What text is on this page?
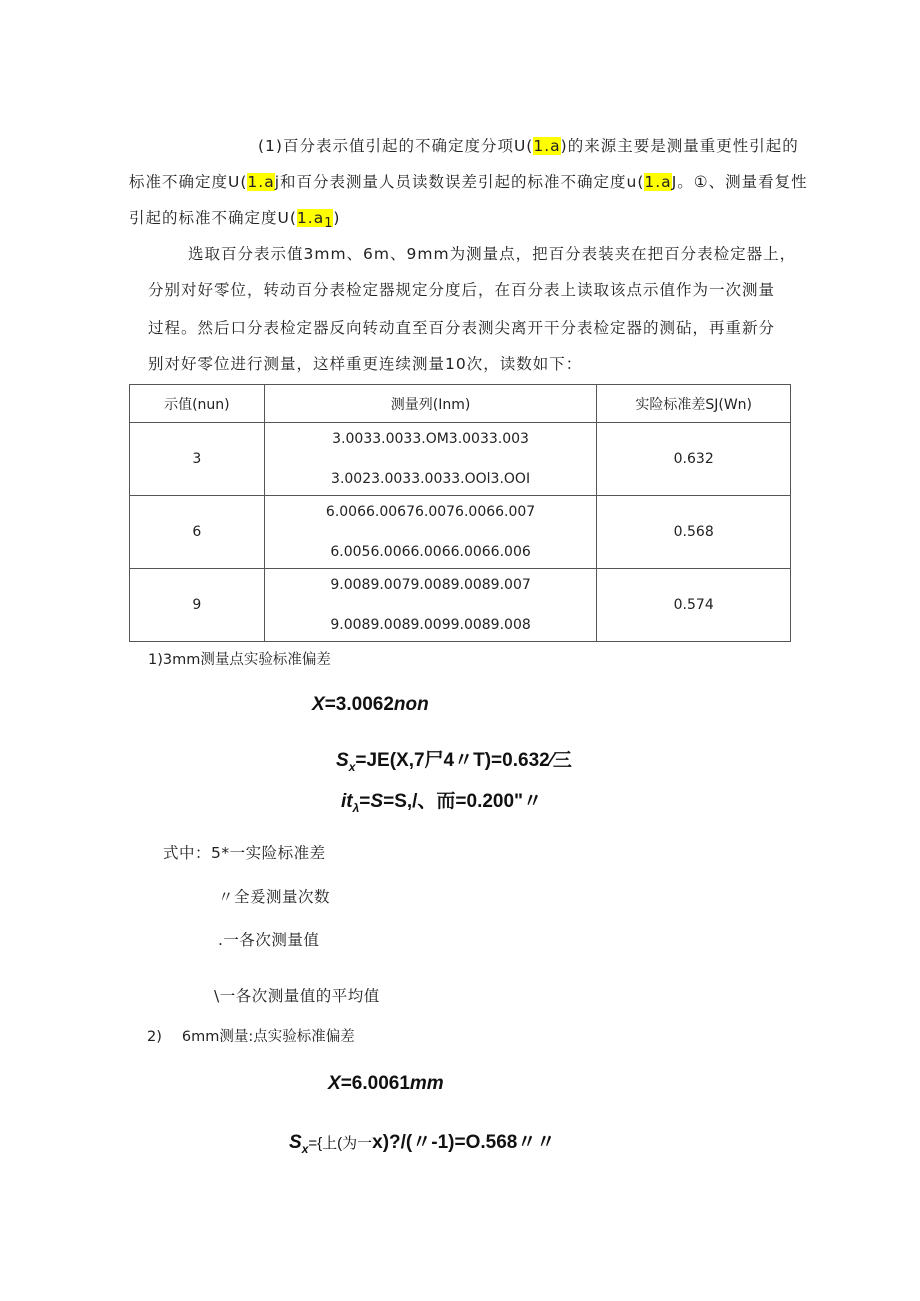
(1)百分表示值引起的不确定度分项U(1.a)的来源主要是测量重更性引起的
标准不确定度U(1.aj和百分表测量人员读数误差引起的标准不确定度u(1.aJ。①、测量看复性
引起的标准不确定度$U(1.a_1)$
选取百分表示值3mm、6m、9mm为测量点，把百分表装夹在把百分表检定器上，
分别对好零位，转动百分表检定器规定分度后，在百分表上读取该点示值作为一次测量
过程。然后口分表检定器反向转动直至百分表测尖离开干分表检定器的测砧，再重新分
别对好零位进行测量，这样重更连续测量10次，读数如下：
示值(nun)	测量列(Inm)	实险标准差SJ(Wn)
3	3.0033.0033.OM3.0033.003
3.0023.0033.0033.OOl3.OOI	0.632
6	6.0066.00676.0076.0066.007
6.0056.0066.0066.0066.006	0.568
9	9.0089.0079.0089.0089.007
9.0089.0089.0099.0089.008	0.574
1)3mm测量点实验标准偏差
X=3.0062non
$S_x=JE(X,7$尸4〃T)=0.632∕三
$it_\lambda=S=S,/$、而=0.200"〃
式中：5*一实险标准差
〃全爰测量次数
.一各次测量值
\一各次测量值的平均值
2) 6mm测量:点实验标准偏差
X=6.0061mm
$S_x=${上(为一x)?/(〃-1)=O.568〃〃
